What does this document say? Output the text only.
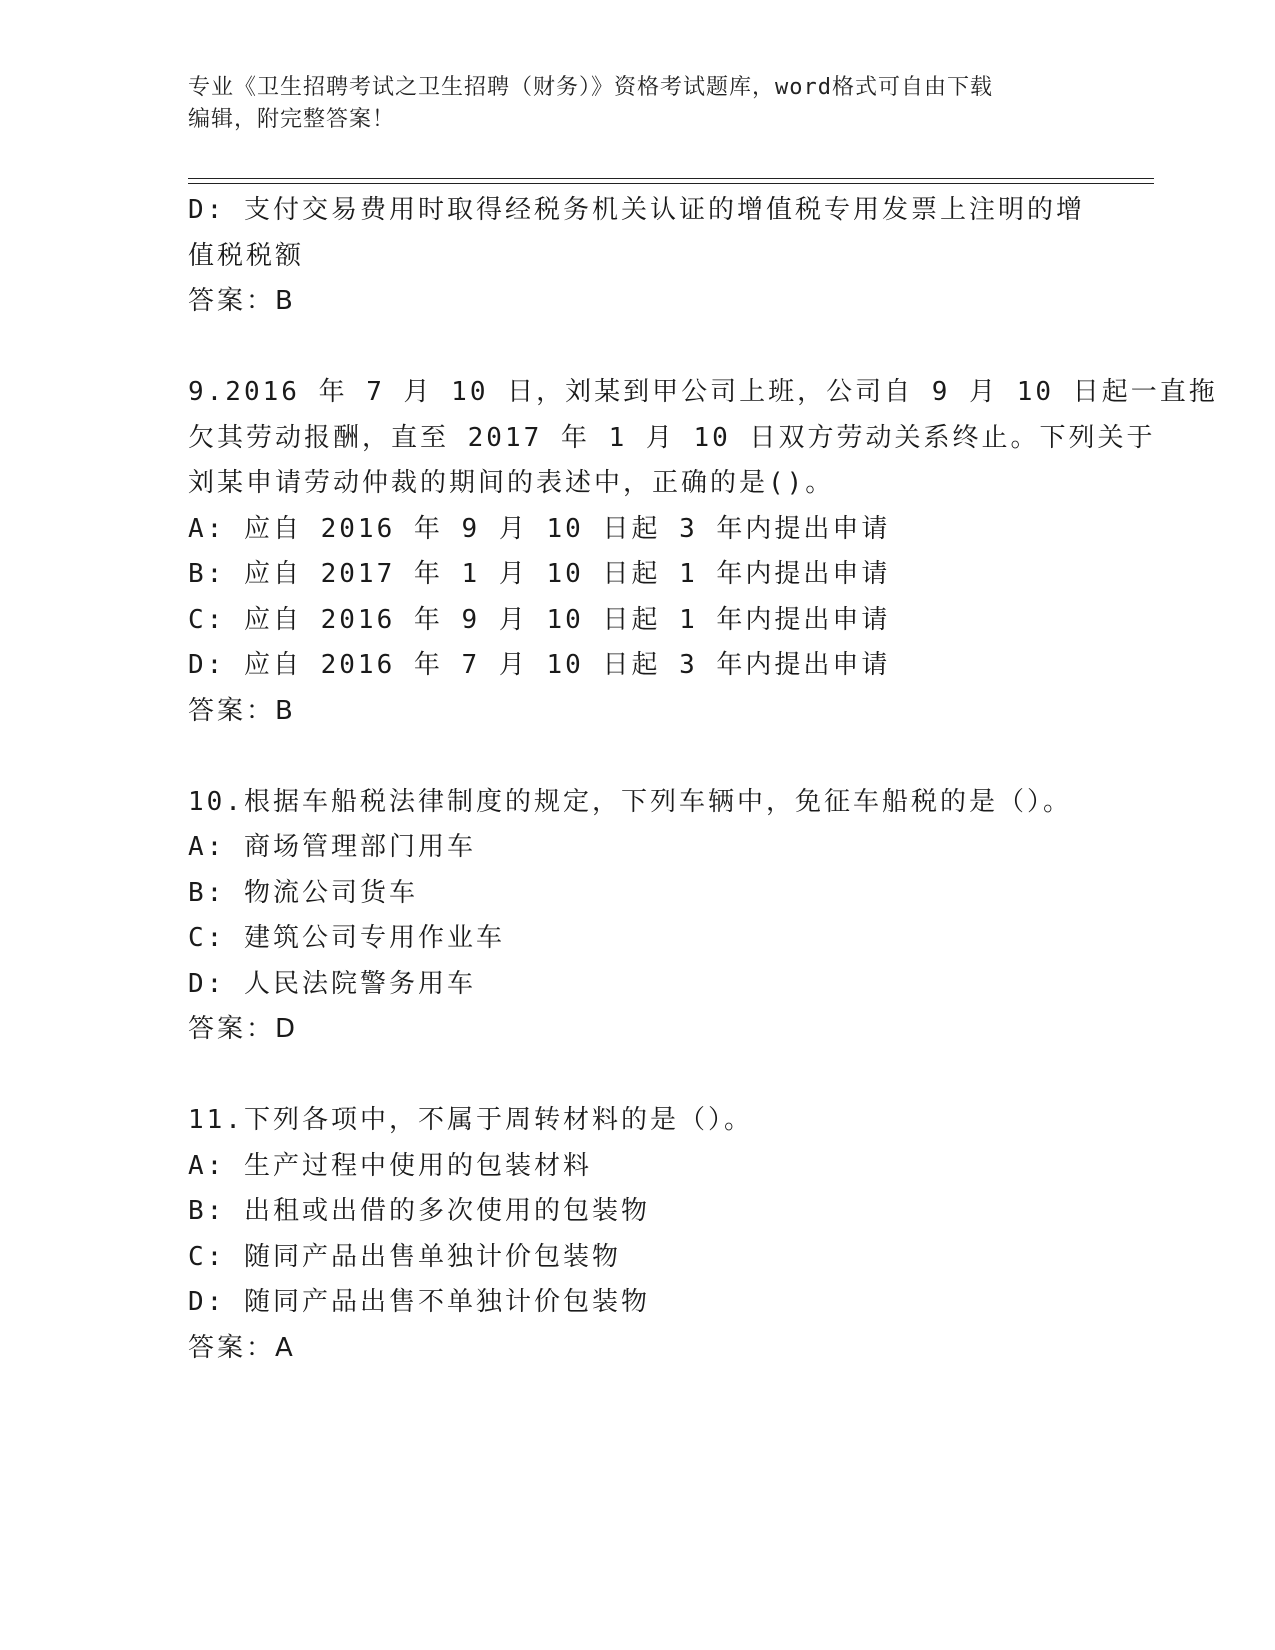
专业《卫生招聘考试之卫生招聘（财务）》资格考试题库，word格式可自由下载
编辑，附完整答案！
D: 支付交易费用时取得经税务机关认证的增值税专用发票上注明的增
值税税额
答案：B
9.2016 年 7 月 10 日，刘某到甲公司上班，公司自 9 月 10 日起一直拖
欠其劳动报酬，直至 2017 年 1 月 10 日双方劳动关系终止。下列关于
刘某申请劳动仲裁的期间的表述中，正确的是()。
A: 应自 2016 年 9 月 10 日起 3 年内提出申请
B: 应自 2017 年 1 月 10 日起 1 年内提出申请
C: 应自 2016 年 9 月 10 日起 1 年内提出申请
D: 应自 2016 年 7 月 10 日起 3 年内提出申请
答案：B
10.根据车船税法律制度的规定，下列车辆中，免征车船税的是（）。
A: 商场管理部门用车
B: 物流公司货车
C: 建筑公司专用作业车
D: 人民法院警务用车
答案：D
11.下列各项中，不属于周转材料的是（）。
A: 生产过程中使用的包装材料
B: 出租或出借的多次使用的包装物
C: 随同产品出售单独计价包装物
D: 随同产品出售不单独计价包装物
答案：A
